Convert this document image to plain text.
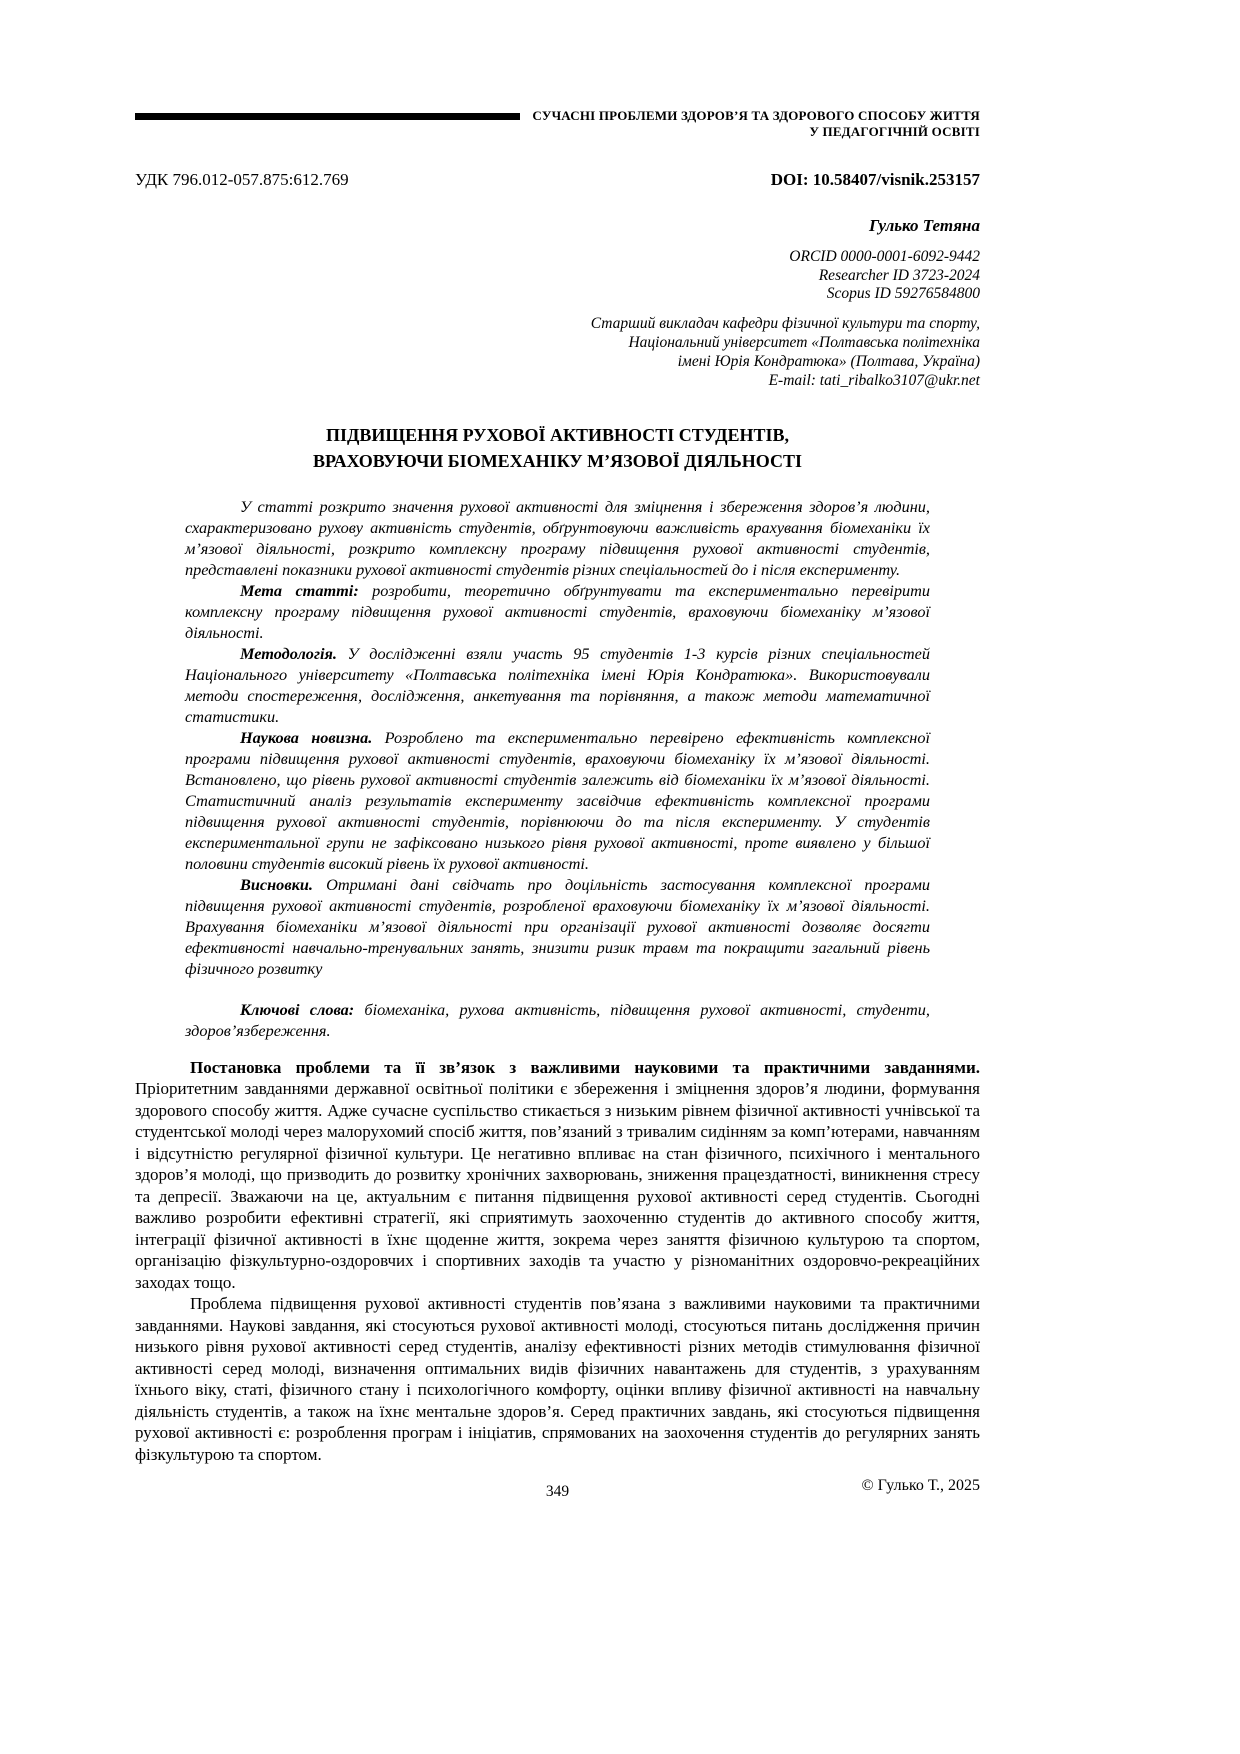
СУЧАСНІ ПРОБЛЕМИ ЗДОРОВ’Я ТА ЗДОРОВОГО СПОСОБУ ЖИТТЯ
У ПЕДАГОГІЧНІЙ ОСВІТІ
УДК 796.012-057.875:612.769	DOI: 10.58407/visnik.253157
Гулько Тетяна
ORCID 0000-0001-6092-9442
Researcher ID 3723-2024
Scopus ID 59276584800
Старший викладач кафедри фізичної культури та спорту,
Національний університет «Полтавська політехніка
імені Юрія Кондратюка» (Полтава, Україна)
E-mail: tati_ribalko3107@ukr.net
ПІДВИЩЕННЯ РУХОВОЇ АКТИВНОСТІ СТУДЕНТІВ,
ВРАХОВУЮЧИ БІОМЕХАНІКУ М’ЯЗОВОЇ ДІЯЛЬНОСТІ

У статті розкрито значення рухової активності для зміцнення і збереження здоров’я людини, схарактеризовано рухову активність студентів, обґрунтовуючи важливість врахування біомеханіки їх м’язової діяльності, розкрито комплексну програму підвищення рухової активності студентів, представлені показники рухової активності студентів різних спеціальностей до і після експерименту.

Мета статті: розробити, теоретично обґрунтувати та експериментально перевірити комплексну програму підвищення рухової активності студентів, враховуючи біомеханіку м’язової діяльності.

Методологія. У дослідженні взяли участь 95 студентів 1-3 курсів різних спеціальностей Національного університету «Полтавська політехніка імені Юрія Кондратюка». Використовували методи спостереження, дослідження, анкетування та порівняння, а також методи математичної статистики.

Наукова новизна. Розроблено та експериментально перевірено ефективність комплексної програми підвищення рухової активності студентів, враховуючи біомеханіку їх м’язової діяльності. Встановлено, що рівень рухової активності студентів залежить від біомеханіки їх м’язової діяльності. Статистичний аналіз результатів експерименту засвідчив ефективність комплексної програми підвищення рухової активності студентів, порівнюючи до та після експерименту. У студентів експериментальної групи не зафіксовано низького рівня рухової активності, проте виявлено у більшої половини студентів високий рівень їх рухової активності.

Висновки. Отримані дані свідчать про доцільність застосування комплексної програми підвищення рухової активності студентів, розробленої враховуючи біомеханіку їх м’язової діяльності. Врахування біомеханіки м’язової діяльності при організації рухової активності дозволяє досягти ефективності навчально-тренувальних занять, знизити ризик травм та покращити загальний рівень фізичного розвитку

Ключові слова: біомеханіка, рухова активність, підвищення рухової активності, студенти, здоров’язбереження.

Постановка проблеми та її зв’язок з важливими науковими та практичними завданнями. Пріоритетним завданнями державної освітньої політики є збереження і зміцнення здоров’я людини, формування здорового способу життя. Адже сучасне суспільство стикається з низьким рівнем фізичної активності учнівської та студентської молоді через малорухомий спосіб життя, пов’язаний з тривалим сидінням за комп’ютерами, навчанням і відсутністю регулярної фізичної культури. Це негативно впливає на стан фізичного, психічного і ментального здоров’я молоді, що призводить до розвитку хронічних захворювань, зниження працездатності, виникнення стресу та депресії. Зважаючи на це, актуальним є питання підвищення рухової активності серед студентів. Сьогодні важливо розробити ефективні стратегії, які сприятимуть заохоченню студентів до активного способу життя, інтеграції фізичної активності в їхнє щоденне життя, зокрема через заняття фізичною культурою та спортом, організацію фізкультурно-оздоровчих і спортивних заходів та участю у різноманітних оздоровчо-рекреаційних заходах тощо.

Проблема підвищення рухової активності студентів пов’язана з важливими науковими та практичними завданнями. Наукові завдання, які стосуються рухової активності молоді, стосуються питань дослідження причин низького рівня рухової активності серед студентів, аналізу ефективності різних методів стимулювання фізичної активності серед молоді, визначення оптимальних видів фізичних навантажень для студентів, з урахуванням їхнього віку, статі, фізичного стану і психологічного комфорту, оцінки впливу фізичної активності на навчальну діяльність студентів, а також на їхнє ментальне здоров’я. Серед практичних завдань, які стосуються підвищення рухової активності є: розроблення програм і ініціатив, спрямованих на заохочення студентів до регулярних занять фізкультурою та спортом.

349	© Гулько Т., 2025
